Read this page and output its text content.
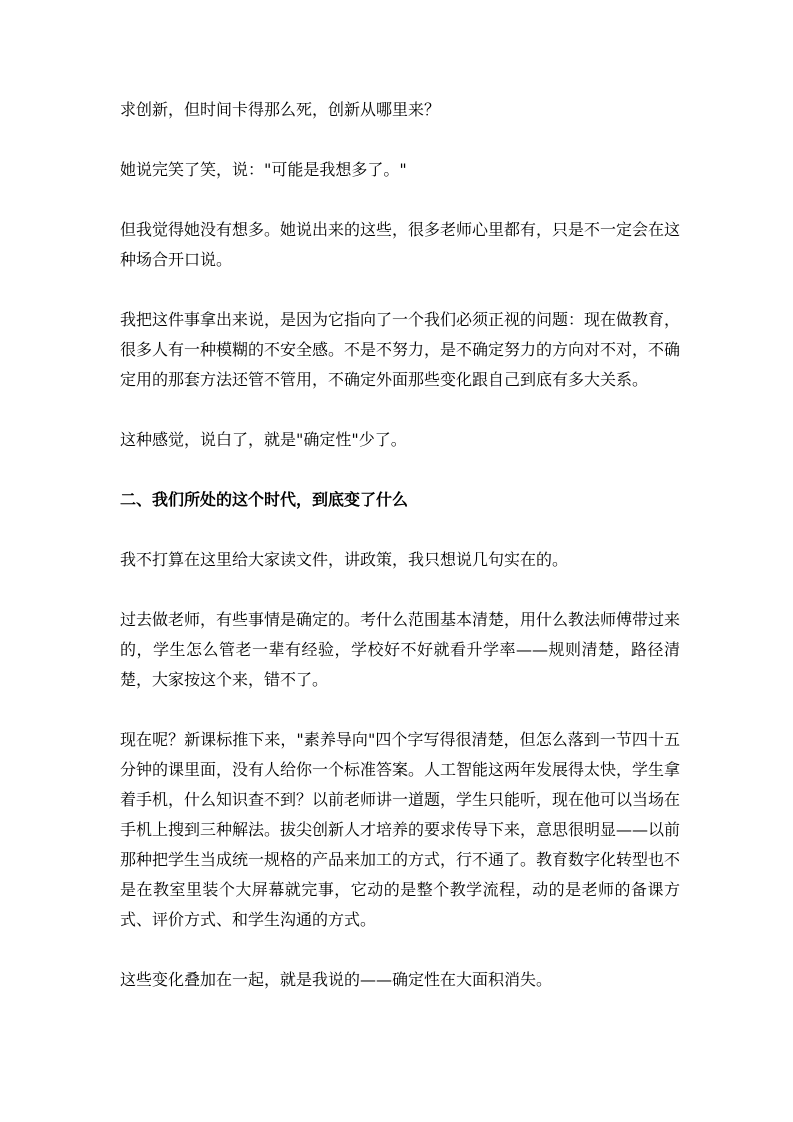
求创新，但时间卡得那么死，创新从哪里来？

她说完笑了笑，说："可能是我想多了。"

但我觉得她没有想多。她说出来的这些，很多老师心里都有，只是不一定会在这种场合开口说。

我把这件事拿出来说，是因为它指向了一个我们必须正视的问题：现在做教育，很多人有一种模糊的不安全感。不是不努力，是不确定努力的方向对不对，不确定用的那套方法还管不管用，不确定外面那些变化跟自己到底有多大关系。

这种感觉，说白了，就是"确定性"少了。

二、我们所处的这个时代，到底变了什么

我不打算在这里给大家读文件，讲政策，我只想说几句实在的。

过去做老师，有些事情是确定的。考什么范围基本清楚，用什么教法师傅带过来的，学生怎么管老一辈有经验，学校好不好就看升学率——规则清楚，路径清楚，大家按这个来，错不了。

现在呢？新课标推下来，"素养导向"四个字写得很清楚，但怎么落到一节四十五分钟的课里面，没有人给你一个标准答案。人工智能这两年发展得太快，学生拿着手机，什么知识查不到？以前老师讲一道题，学生只能听，现在他可以当场在手机上搜到三种解法。拔尖创新人才培养的要求传导下来，意思很明显——以前那种把学生当成统一规格的产品来加工的方式，行不通了。教育数字化转型也不是在教室里装个大屏幕就完事，它动的是整个教学流程，动的是老师的备课方式、评价方式、和学生沟通的方式。

这些变化叠加在一起，就是我说的——确定性在大面积消失。
